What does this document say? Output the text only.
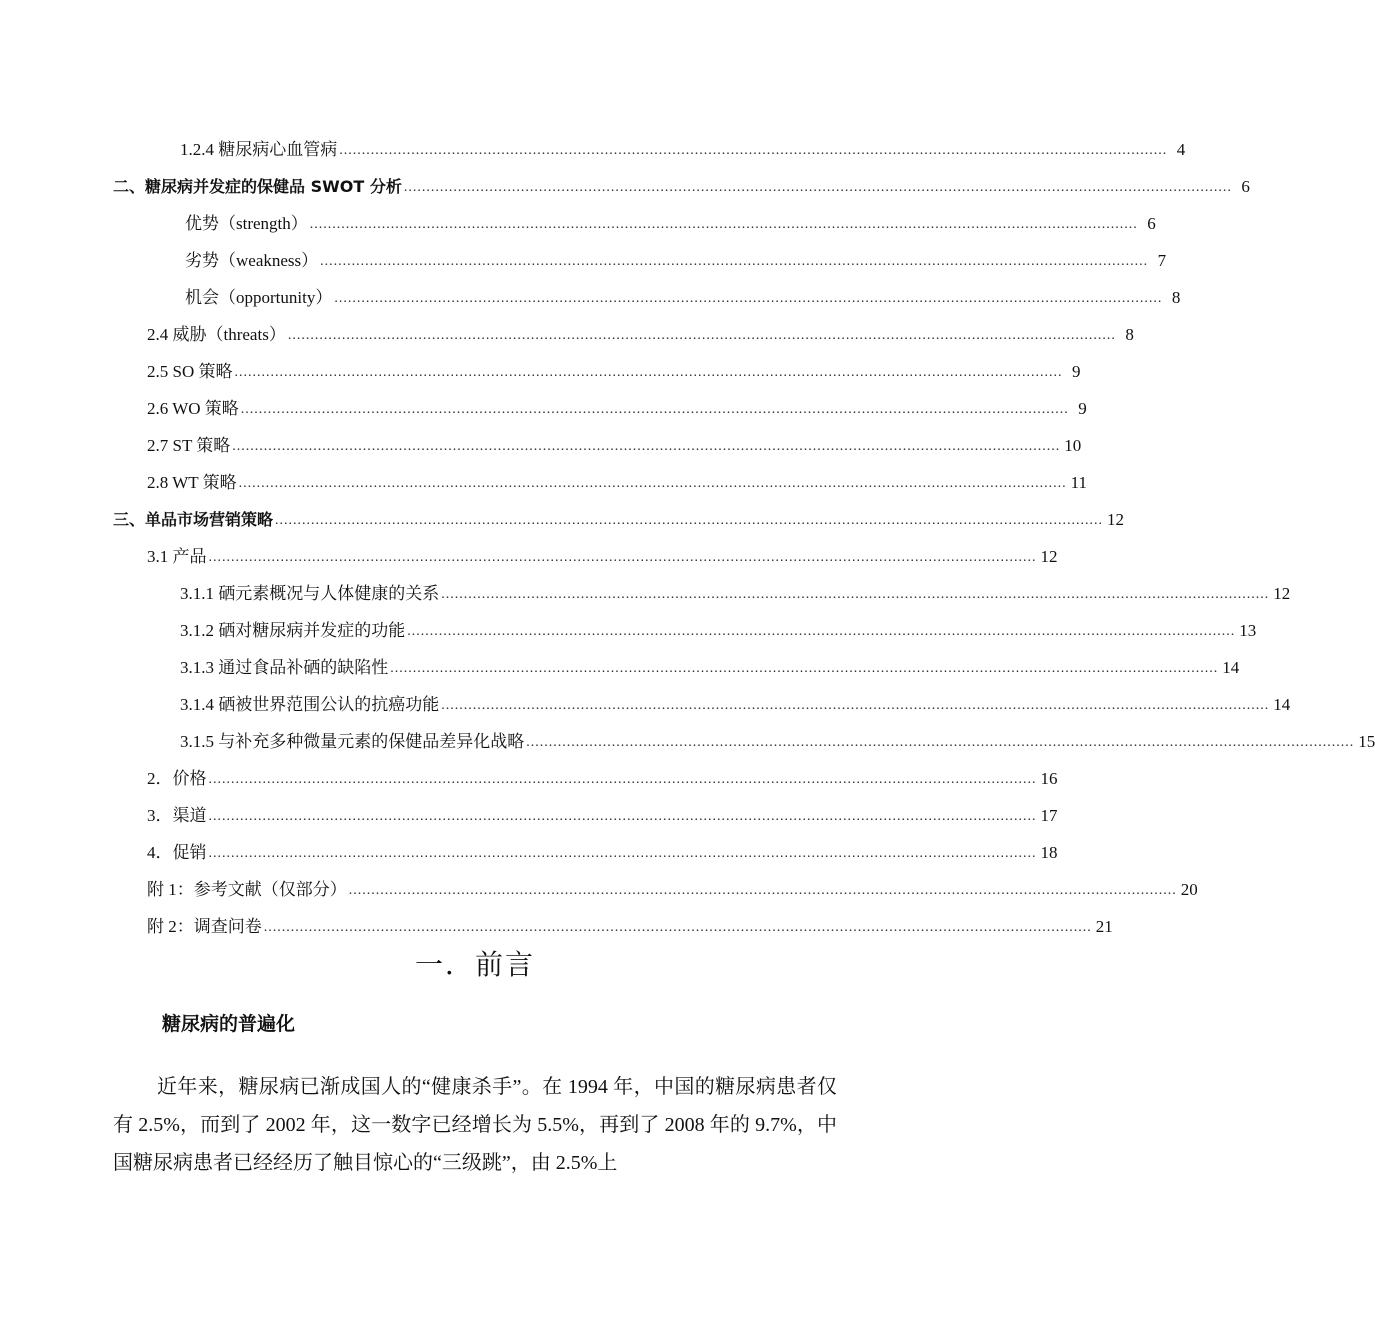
1.2.4 糖尿病心血管病 ........................................................................................................................................................................................ 4
二、糖尿病并发症的保健品 SWOT 分析 ........................................................................................................................................................................................ 6
优势（strength） ........................................................................................................................................................................................ 6
劣势（weakness） ........................................................................................................................................................................................ 7
机会（opportunity） ........................................................................................................................................................................................ 8
2.4 威胁（threats） ........................................................................................................................................................................................ 8
2.5 SO 策略 ........................................................................................................................................................................................ 9
2.6 WO 策略 ........................................................................................................................................................................................ 9
2.7 ST 策略 ........................................................................................................................................................................................ 10
2.8 WT 策略 ........................................................................................................................................................................................ 11
三、单品市场营销策略 ........................................................................................................................................................................................ 12
3.1 产品 ........................................................................................................................................................................................ 12
3.1.1 硒元素概况与人体健康的关系 ........................................................................................................................................................................................ 12
3.1.2 硒对糖尿病并发症的功能 ........................................................................................................................................................................................ 13
3.1.3 通过食品补硒的缺陷性 ........................................................................................................................................................................................ 14
3.1.4 硒被世界范围公认的抗癌功能 ........................................................................................................................................................................................ 14
3.1.5 与补充多种微量元素的保健品差异化战略 ........................................................................................................................................................................................ 15
2．价格 ........................................................................................................................................................................................ 16
3．渠道 ........................................................................................................................................................................................ 17
4．促销 ........................................................................................................................................................................................ 18
附 1：参考文献（仅部分） ........................................................................................................................................................................................ 20
附 2：调查问卷 ........................................................................................................................................................................................ 21
一．前言
糖尿病的普遍化
近年来，糖尿病已渐成国人的“健康杀手”。在 1994 年，中国的糖尿病患者仅有 2.5%，而到了 2002 年，这一数字已经增长为 5.5%，再到了 2008 年的 9.7%，中国糖尿病患者已经经历了触目惊心的“三级跳”，由 2.5%上
